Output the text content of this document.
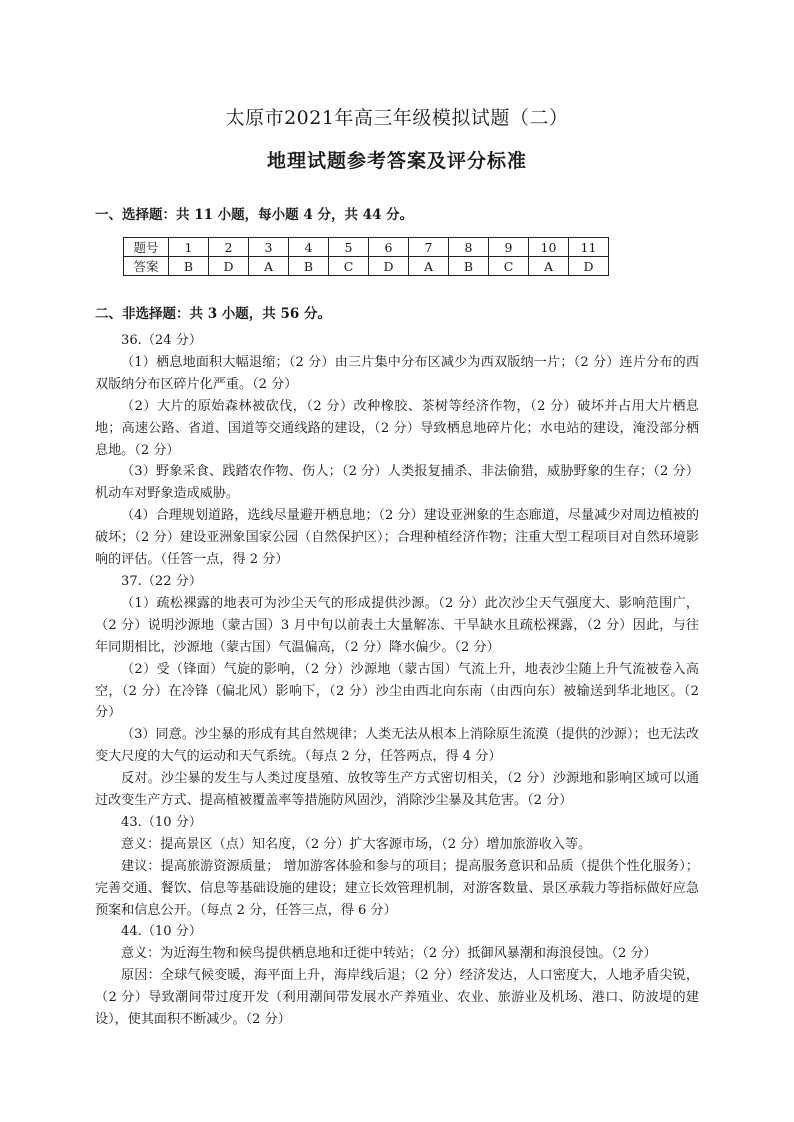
太原市2021年高三年级模拟试题（二）
地理试题参考答案及评分标准
一、选择题：共 11 小题，每小题 4 分，共 44 分。
题号	1	2	3	4	5	6	7	8	9	10	11
答案	B	D	A	B	C	D	A	B	C	A	D
二、非选择题：共 3 小题，共 56 分。

36.（24 分）

（1）栖息地面积大幅退缩；（2 分）由三片集中分布区减少为西双版纳一片；（2 分）连片分布的西双版纳分布区碎片化严重。（2 分）

（2）大片的原始森林被砍伐，（2 分）改种橡胶、茶树等经济作物，（2 分）破坏并占用大片栖息地；高速公路、省道、国道等交通线路的建设，（2 分）导致栖息地碎片化；水电站的建设，淹没部分栖息地。（2 分）

（3）野象采食、践踏农作物、伤人；（2 分）人类报复捕杀、非法偷猎，威胁野象的生存；（2 分）机动车对野象造成威胁。

（4）合理规划道路，选线尽量避开栖息地；（2 分）建设亚洲象的生态廊道，尽量减少对周边植被的破坏；（2 分）建设亚洲象国家公园（自然保护区）；合理种植经济作物；注重大型工程项目对自然环境影响的评估。（任答一点，得 2 分）

37.（22 分）

（1）疏松裸露的地表可为沙尘天气的形成提供沙源。（2 分）此次沙尘天气强度大、影响范围广，（2 分）说明沙源地（蒙古国）3 月中旬以前表土大量解冻、干旱缺水且疏松裸露，（2 分）因此，与往年同期相比，沙源地（蒙古国）气温偏高，（2 分）降水偏少。（2 分）

（2）受（锋面）气旋的影响，（2 分）沙源地（蒙古国）气流上升，地表沙尘随上升气流被卷入高空，（2 分）在冷锋（偏北风）影响下，（2 分）沙尘由西北向东南（由西向东）被输送到华北地区。（2 分）

（3）同意。沙尘暴的形成有其自然规律；人类无法从根本上消除原生流漠（提供的沙源）；也无法改变大尺度的大气的运动和天气系统。（每点 2 分，任答两点，得 4 分）

反对。沙尘暴的发生与人类过度垦殖、放牧等生产方式密切相关，（2 分）沙源地和影响区域可以通过改变生产方式、提高植被覆盖率等措施防风固沙，消除沙尘暴及其危害。（2 分）

43.（10 分）

意义：提高景区（点）知名度，（2 分）扩大客源市场，（2 分）增加旅游收入等。

建议：提高旅游资源质量； 增加游客体验和参与的项目；提高服务意识和品质（提供个性化服务）；完善交通、餐饮、信息等基础设施的建设；建立长效管理机制，对游客数量、景区承载力等指标做好应急预案和信息公开。（每点 2 分，任答三点，得 6 分）

44.（10 分）

意义：为近海生物和候鸟提供栖息地和迁徙中转站；（2 分）抵御风暴潮和海浪侵蚀。（2 分）

原因：全球气候变暖，海平面上升，海岸线后退；（2 分）经济发达，人口密度大，人地矛盾尖锐，（2 分）导致潮间带过度开发（利用潮间带发展水产养殖业、农业、旅游业及机场、港口、防波堤的建设），使其面积不断减少。（2 分）
